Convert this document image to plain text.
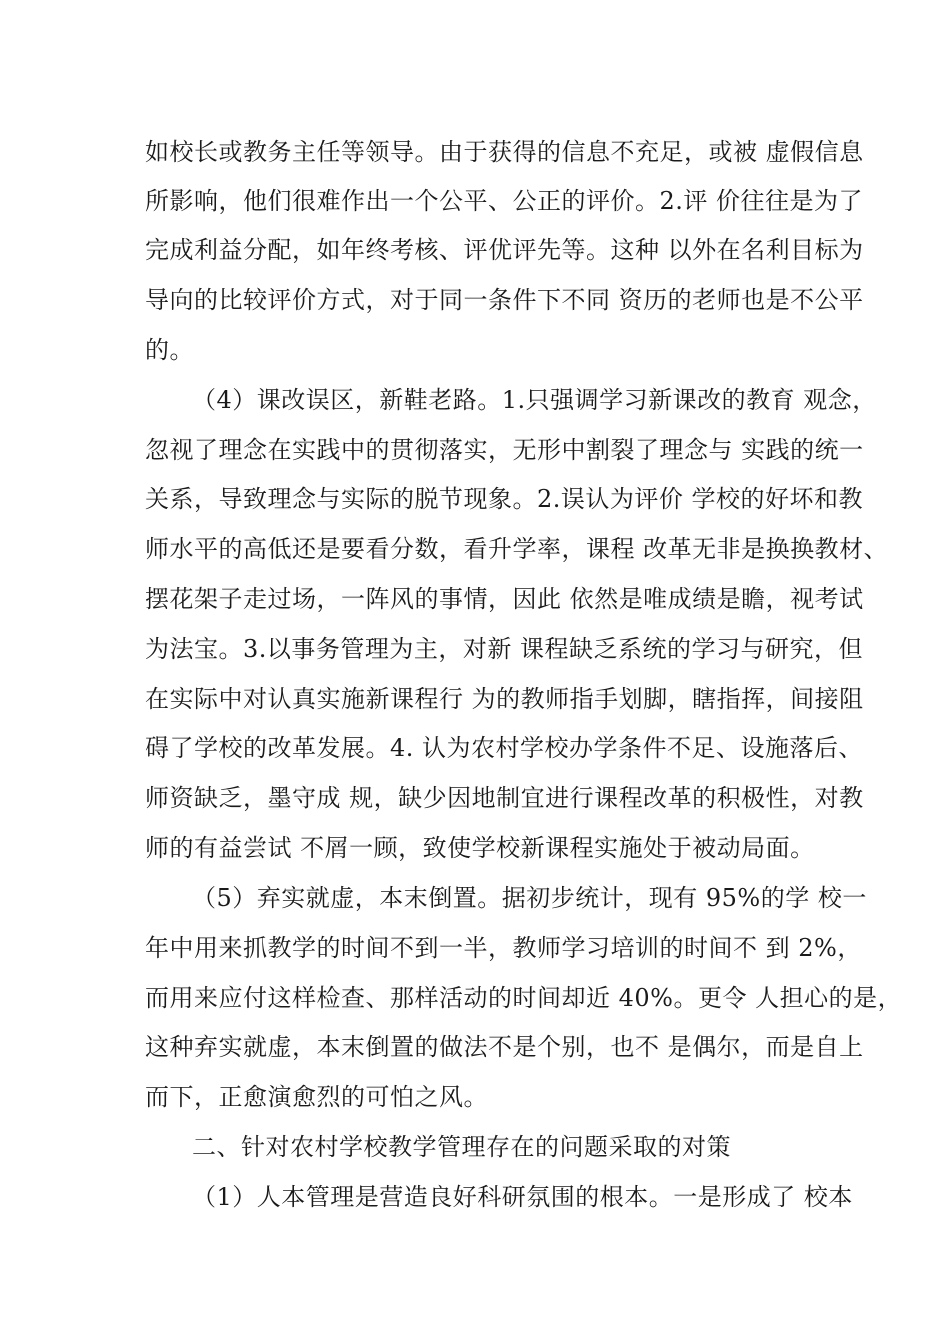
如校长或教务主任等领导。由于获得的信息不充足，或被 虚假信息
所影响，他们很难作出一个公平、公正的评价。2.评 价往往是为了
完成利益分配，如年终考核、评优评先等。这种 以外在名利目标为
导向的比较评价方式，对于同一条件下不同 资历的老师也是不公平
的。
（4）课改误区，新鞋老路。1.只强调学习新课改的教育 观念，
忽视了理念在实践中的贯彻落实，无形中割裂了理念与 实践的统一
关系，导致理念与实际的脱节现象。2.误认为评价 学校的好坏和教
师水平的高低还是要看分数，看升学率，课程 改革无非是换换教材、
摆花架子走过场，一阵风的事情，因此 依然是唯成绩是瞻，视考试
为法宝。3.以事务管理为主，对新 课程缺乏系统的学习与研究，但
在实际中对认真实施新课程行 为的教师指手划脚，瞎指挥，间接阻
碍了学校的改革发展。4. 认为农村学校办学条件不足、设施落后、
师资缺乏，墨守成 规，缺少因地制宜进行课程改革的积极性，对教
师的有益尝试 不屑一顾，致使学校新课程实施处于被动局面。
（5）弃实就虚，本末倒置。据初步统计，现有 95%的学 校一
年中用来抓教学的时间不到一半，教师学习培训的时间不 到 2%，
而用来应付这样检查、那样活动的时间却近 40%。更令 人担心的是，
这种弃实就虚，本末倒置的做法不是个别，也不 是偶尔，而是自上
而下，正愈演愈烈的可怕之风。
二、针对农村学校教学管理存在的问题采取的对策
（1）人本管理是营造良好科研氛围的根本。一是形成了 校本
